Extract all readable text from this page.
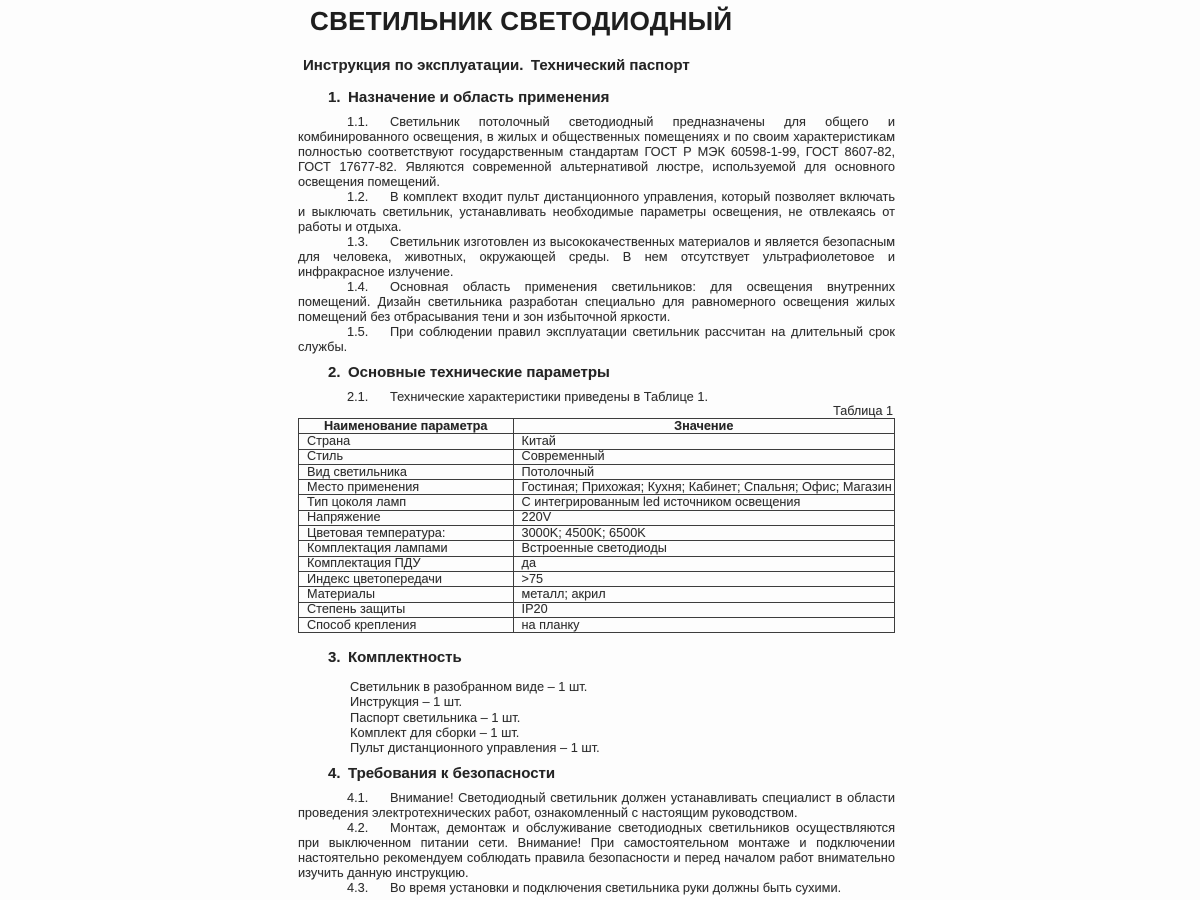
СВЕТИЛЬНИК СВЕТОДИОДНЫЙ
Инструкция по эксплуатации. Технический паспорт
1. Назначение и область применения

1.1. Светильник потолочный светодиодный предназначены для общего и комбинированного освещения, в жилых и общественных помещениях и по своим характеристикам полностью соответствуют государственным стандартам ГОСТ Р МЭК 60598-1-99, ГОСТ 8607-82, ГОСТ 17677-82. Являются современной альтернативой люстре, используемой для основного освещения помещений.

1.2. В комплект входит пульт дистанционного управления, который позволяет включать и выключать светильник, устанавливать необходимые параметры освещения, не отвлекаясь от работы и отдыха.

1.3. Светильник изготовлен из высококачественных материалов и является безопасным для человека, животных, окружающей среды. В нем отсутствует ультрафиолетовое и инфракрасное излучение.

1.4. Основная область применения светильников: для освещения внутренних помещений. Дизайн светильника разработан специально для равномерного освещения жилых помещений без отбрасывания тени и зон избыточной яркости.

1.5. При соблюдении правил эксплуатации светильник рассчитан на длительный срок службы.

2. Основные технические параметры

2.1. Технические характеристики приведены в Таблице 1.

Таблица 1
Наименование параметра	Значение
Страна	Китай
Стиль	Современный
Вид светильника	Потолочный
Место применения	Гостиная; Прихожая; Кухня; Кабинет; Спальня; Офис; Магазин
Тип цоколя ламп	С интегрированным led источником освещения
Напряжение	220V
Цветовая температура:	3000K; 4500K; 6500K
Комплектация лампами	Встроенные светодиоды
Комплектация ПДУ	да
Индекс цветопередачи	>75
Материалы	металл; акрил
Степень защиты	IP20
Способ крепления	на планку
3. Комплектность
Светильник в разобранном виде – 1 шт.
Инструкция – 1 шт.
Паспорт светильника – 1 шт.
Комплект для сборки – 1 шт.
Пульт дистанционного управления – 1 шт.
4. Требования к безопасности

4.1. Внимание! Светодиодный светильник должен устанавливать специалист в области проведения электротехнических работ, ознакомленный с настоящим руководством.

4.2. Монтаж, демонтаж и обслуживание светодиодных светильников осуществляются при выключенном питании сети. Внимание! При самостоятельном монтаже и подключении настоятельно рекомендуем соблюдать правила безопасности и перед началом работ внимательно изучить данную инструкцию.

4.3. Во время установки и подключения светильника руки должны быть сухими.
